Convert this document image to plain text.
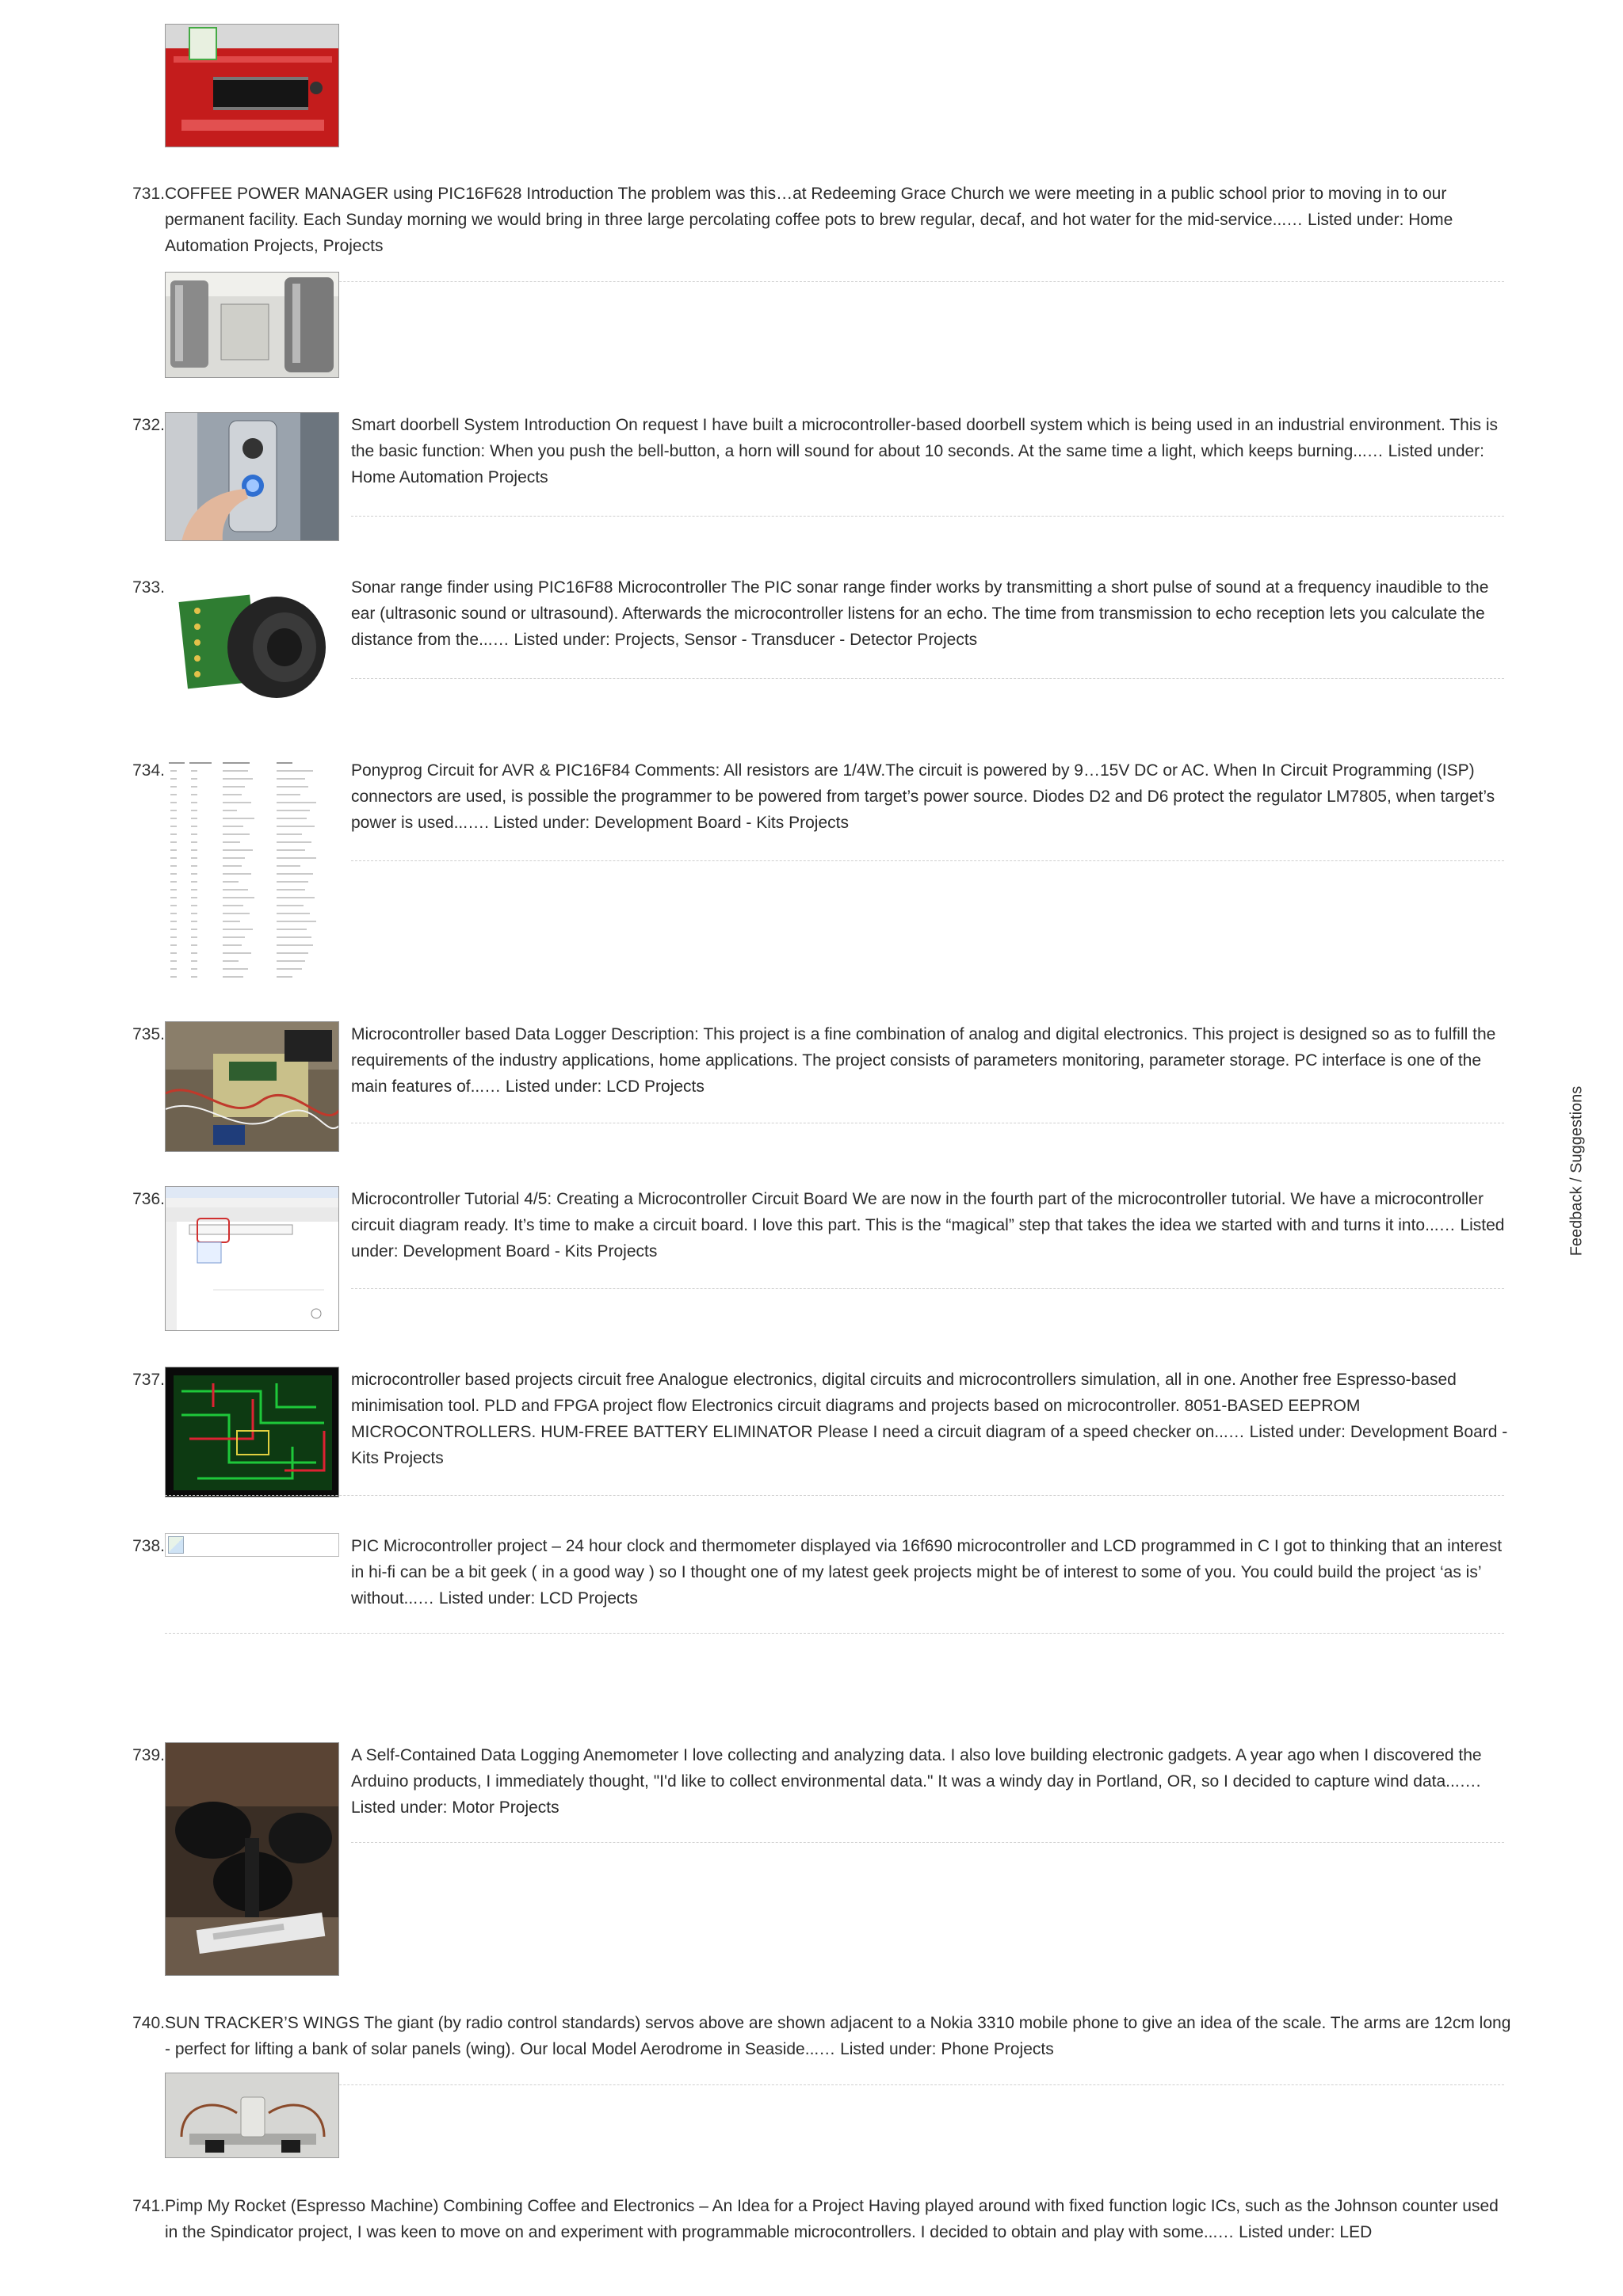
731. COFFEE POWER MANAGER using PIC16F628 Introduction The problem was this…at Redeeming Grace Church we were meeting in a public school prior to moving in to our permanent facility. Each Sunday morning we would bring in three large percolating coffee pots to brew regular, decaf, and hot water for the mid-service...… Listed under: Home Automation Projects, Projects
732.	Smart doorbell System Introduction On request I have built a microcontroller-based doorbell system which is being used in an industrial environment. This is the basic function: When you push the bell-button, a horn will sound for about 10 seconds. At the same time a light, which keeps burning...… Listed under: Home Automation Projects
733.	Sonar range finder using PIC16F88 Microcontroller The PIC sonar range finder works by transmitting a short pulse of sound at a frequency inaudible to the ear (ultrasonic sound or ultrasound). Afterwards the microcontroller listens for an echo. The time from transmission to echo reception lets you calculate the distance from the...… Listed under: Projects, Sensor - Transducer - Detector Projects
734.	Ponyprog Circuit for AVR & PIC16F84 Comments: All resistors are 1/4W.The circuit is powered by 9…15V DC or AC. When In Circuit Programming (ISP) connectors are used, is possible the programmer to be powered from target’s power source. Diodes D2 and D6 protect the regulator LM7805, when target’s power is used...…. Listed under: Development Board - Kits Projects
735.	Microcontroller based Data Logger Description: This project is a fine combination of analog and digital electronics. This project is designed so as to fulfill the requirements of the industry applications, home applications. The project consists of parameters monitoring, parameter storage. PC interface is one of the main features of...… Listed under: LCD Projects
736.	Microcontroller Tutorial 4/5: Creating a Microcontroller Circuit Board We are now in the fourth part of the microcontroller tutorial. We have a microcontroller circuit diagram ready. It’s time to make a circuit board. I love this part. This is the “magical” step that takes the idea we started with and turns it into...… Listed under: Development Board - Kits Projects
737.	microcontroller based projects circuit free Analogue electronics, digital circuits and microcontrollers simulation, all in one. Another free Espresso-based minimisation tool. PLD and FPGA project flow Electronics circuit diagrams and projects based on microcontroller. 8051-BASED EEPROM MICROCONTROLLERS. HUM-FREE BATTERY ELIMINATOR Please I need a circuit diagram of a speed checker on...… Listed under: Development Board - Kits Projects
738.	PIC Microcontroller project – 24 hour clock and thermometer displayed via 16f690 microcontroller and LCD programmed in C I got to thinking that an interest in hi-fi can be a bit geek ( in a good way ) so I thought one of my latest geek projects might be of interest to some of you. You could build the project ‘as is’ without...… Listed under: LCD Projects
739.	A Self-Contained Data Logging Anemometer I love collecting and analyzing data. I also love building electronic gadgets. A year ago when I discovered the Arduino products, I immediately thought, "I'd like to collect environmental data." It was a windy day in Portland, OR, so I decided to capture wind data...…. Listed under: Motor Projects
740. SUN TRACKER’S WINGS The giant (by radio control standards) servos above are shown adjacent to a Nokia 3310 mobile phone to give an idea of the scale. The arms are 12cm long - perfect for lifting a bank of solar panels (wing). Our local Model Aerodrome in Seaside...… Listed under: Phone Projects
741. Pimp My Rocket (Espresso Machine) Combining Coffee and Electronics – An Idea for a Project Having played around with fixed function logic ICs, such as the Johnson counter used in the Spindicator project, I was keen to move on and experiment with programmable microcontrollers. I decided to obtain and play with some...… Listed under: LED
Feedback / Suggestions
